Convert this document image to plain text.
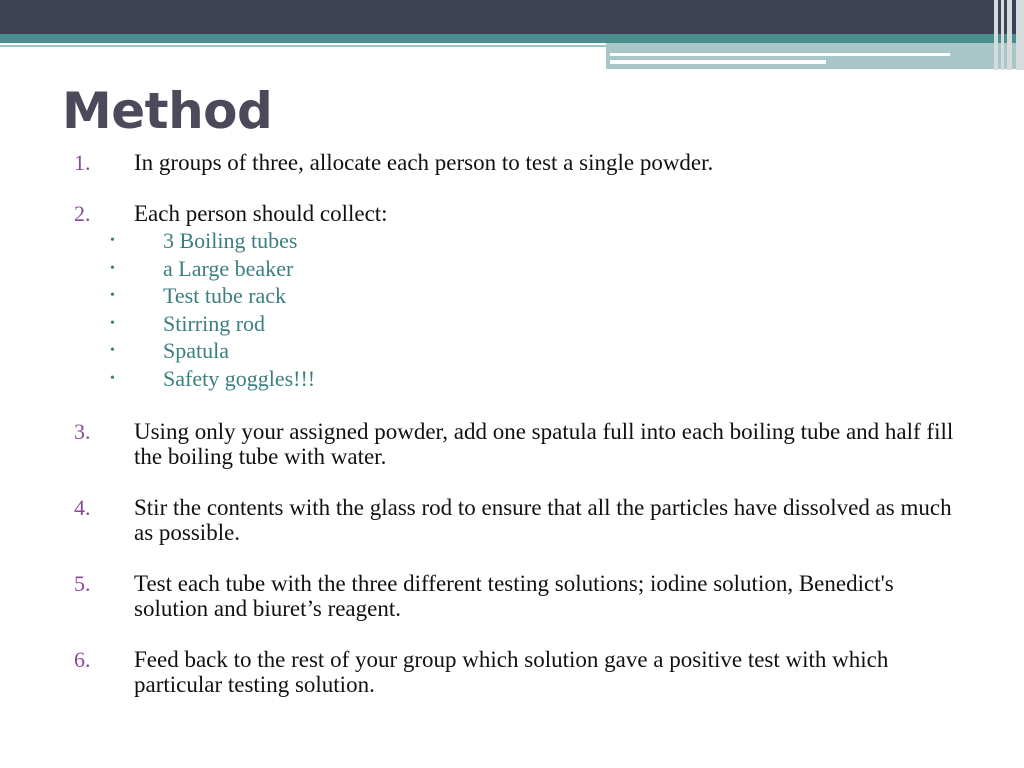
Method
1. In groups of three, allocate each person to test a single powder.
2. Each person should collect:
• 3 Boiling tubes
• a Large beaker
• Test tube rack
• Stirring rod
• Spatula
• Safety goggles!!!
3. Using only your assigned powder, add one spatula full into each boiling tube and half fill the boiling tube with water.
4. Stir the contents with the glass rod to ensure that all the particles have dissolved as much as possible.
5. Test each tube with the three different testing solutions; iodine solution, Benedict's solution and biuret’s reagent.
6. Feed back to the rest of your group which solution gave a positive test with which particular testing solution.
